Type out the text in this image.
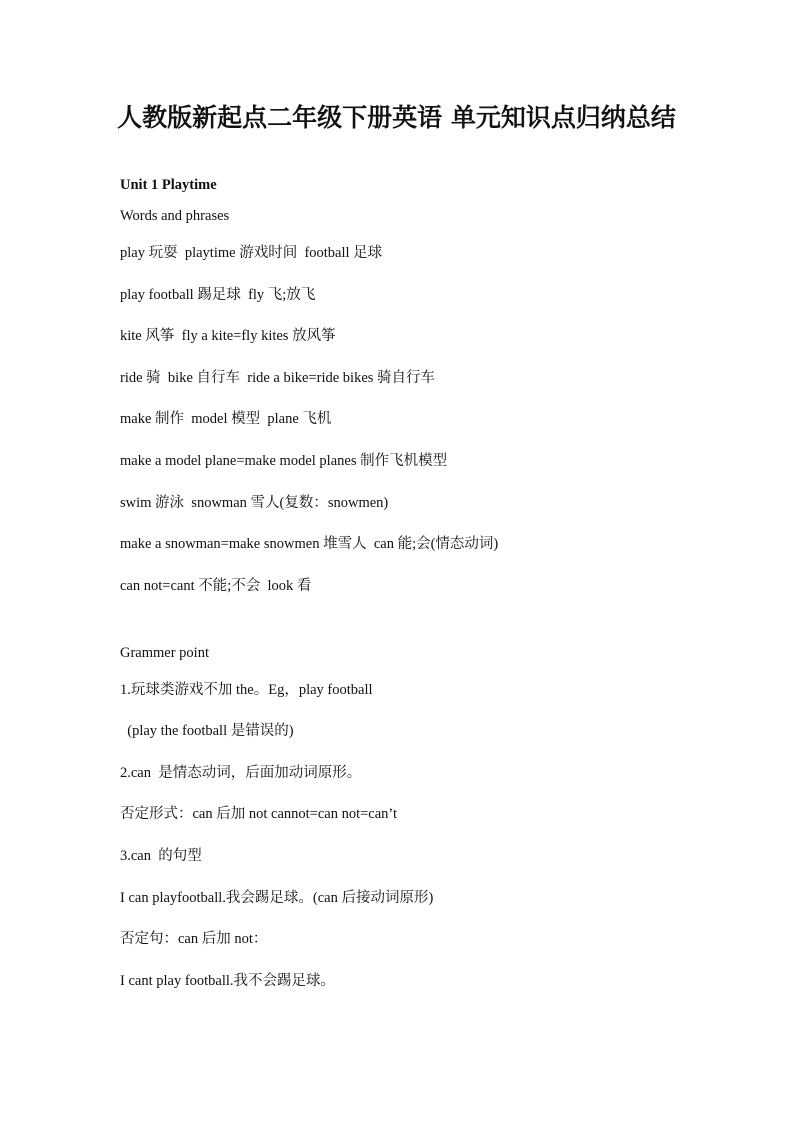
人教版新起点二年级下册英语 单元知识点归纳总结
Unit 1 Playtime
Words and phrases
play 玩耍  playtime 游戏时间  football 足球
play football 踢足球  fly 飞;放飞
kite 风筝  fly a kite=fly kites 放风筝
ride 骑  bike 自行车  ride a bike=ride bikes 骑自行车
make 制作  model 模型  plane 飞机
make a model plane=make model planes 制作飞机模型
swim 游泳  snowman 雪人(复数：snowmen)
make a snowman=make snowmen 堆雪人  can 能;会(情态动词)
can not=cant 不能;不会  look 看
Grammer point
1.玩球类游戏不加 the。Eg，play football
(play the football 是错误的)
2.can  是情态动词，后面加动词原形。
否定形式：can 后加 not cannot=can not=can’t
3.can  的句型
I can playfootball.我会踢足球。(can 后接动词原形)
否定句：can 后加 not：
I cant play football.我不会踢足球。
